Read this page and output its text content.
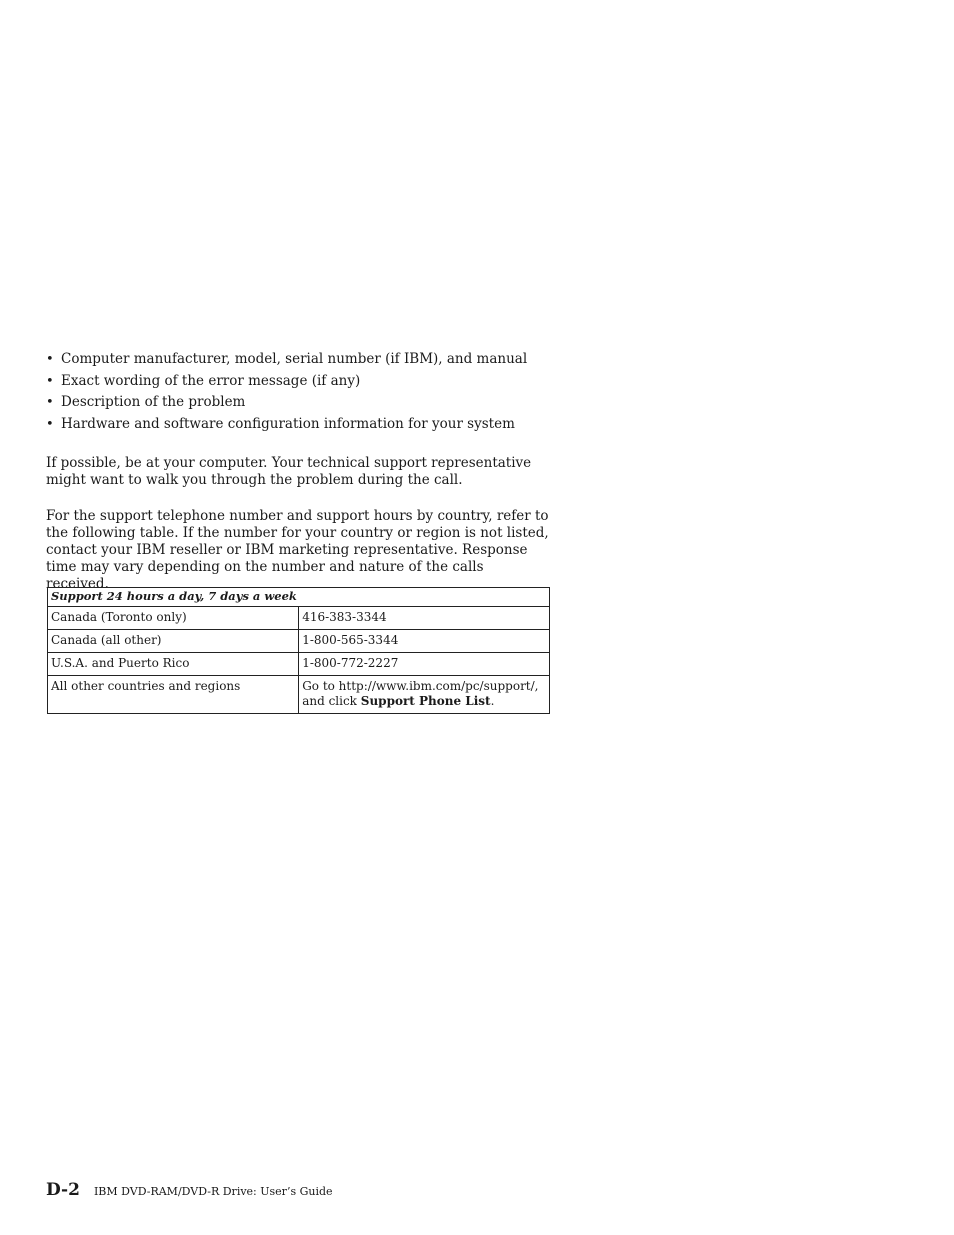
• Computer manufacturer, model, serial number (if IBM), and manual
• Exact wording of the error message (if any)
• Description of the problem
• Hardware and software configuration information for your system

If possible, be at your computer. Your technical support representative might want to walk you through the problem during the call.

For the support telephone number and support hours by country, refer to the following table. If the number for your country or region is not listed, contact your IBM reseller or IBM marketing representative. Response time may vary depending on the number and nature of the calls received.

Support 24 hours a day, 7 days a week	
Canada (Toronto only)	416-383-3344
Canada (all other)	1-800-565-3344
U.S.A. and Puerto Rico	1-800-772-2227
All other countries and regions	Go to http://www.ibm.com/pc/support/,
and click Support Phone List.
D-2 IBM DVD-RAM/DVD-R Drive: User’s Guide
